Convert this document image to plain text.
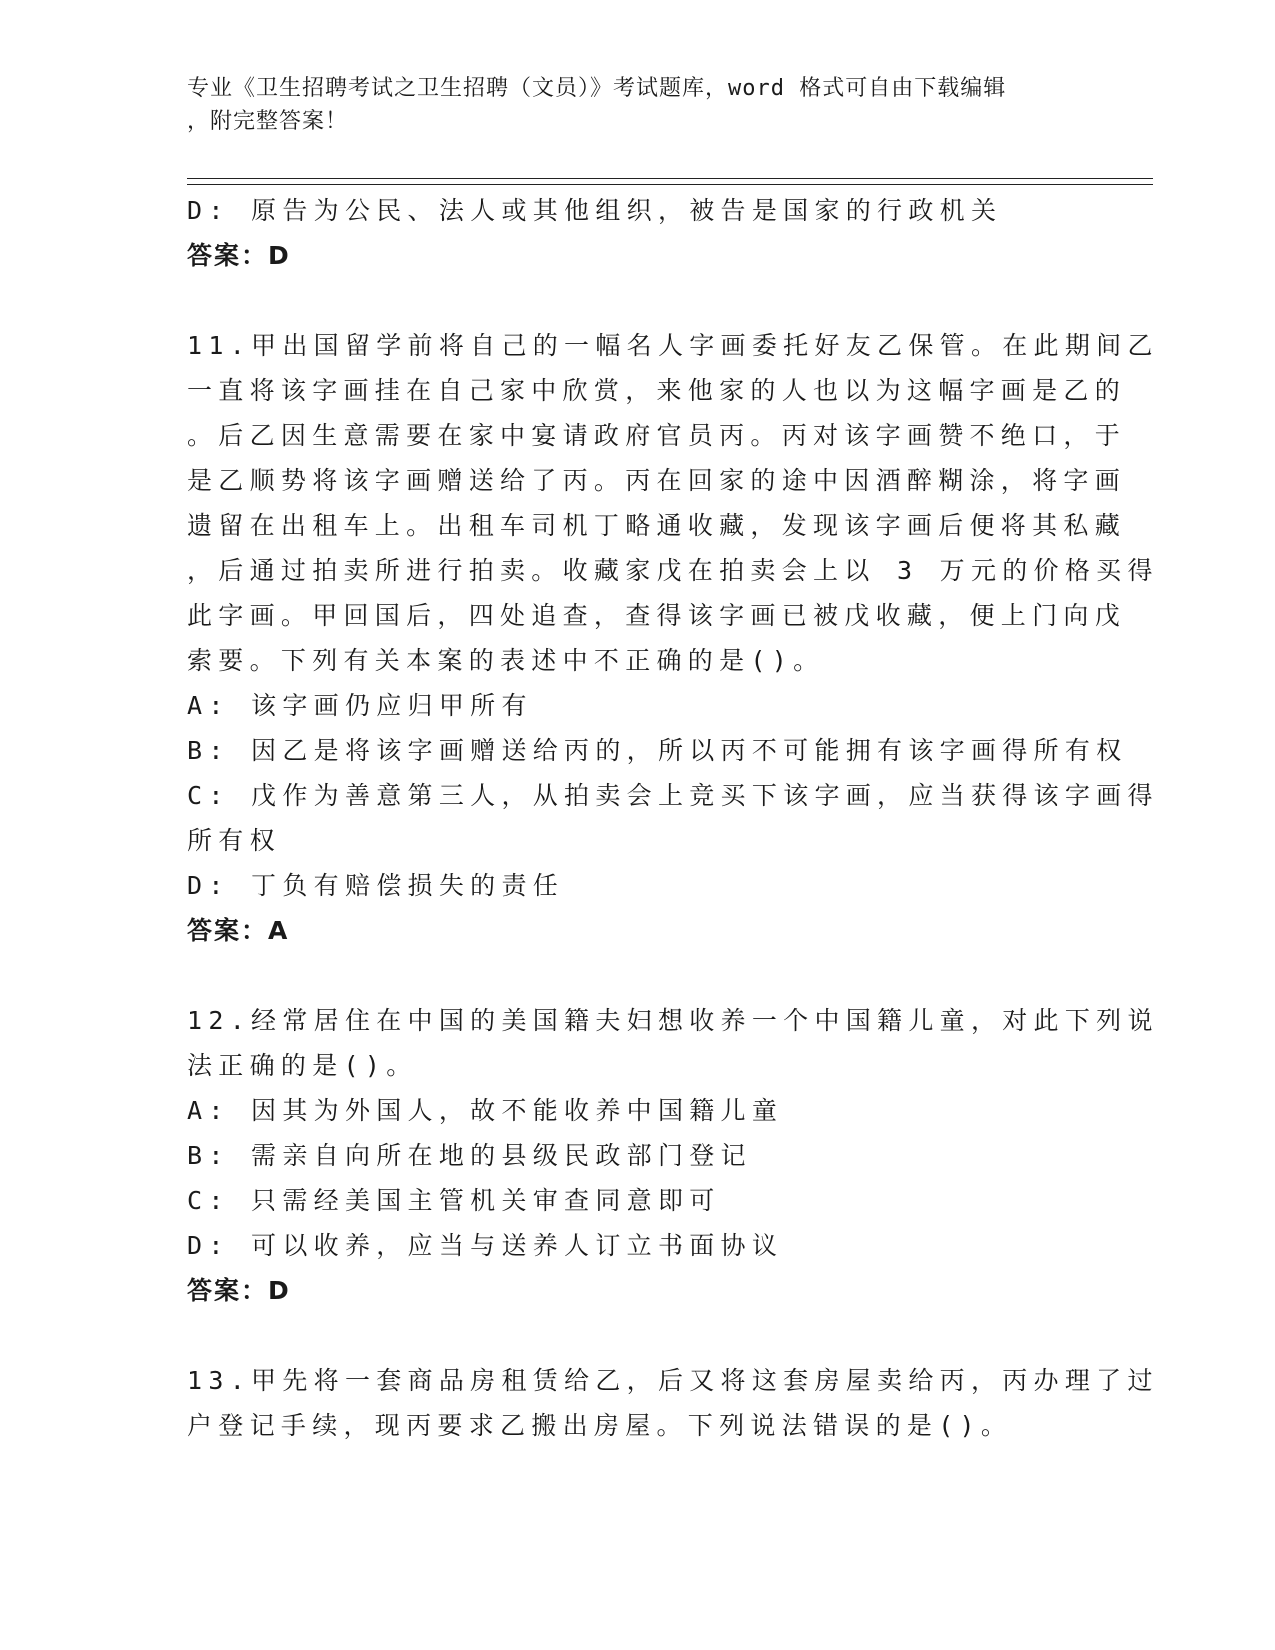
专业《卫生招聘考试之卫生招聘（文员）》考试题库，word 格式可自由下载编辑
，附完整答案！
D: 原告为公民、法人或其他组织，被告是国家的行政机关
答案：D
11.甲出国留学前将自己的一幅名人字画委托好友乙保管。在此期间乙
一直将该字画挂在自己家中欣赏，来他家的人也以为这幅字画是乙的
。后乙因生意需要在家中宴请政府官员丙。丙对该字画赞不绝口，于
是乙顺势将该字画赠送给了丙。丙在回家的途中因酒醉糊涂，将字画
遗留在出租车上。出租车司机丁略通收藏，发现该字画后便将其私藏
，后通过拍卖所进行拍卖。收藏家戊在拍卖会上以 3 万元的价格买得
此字画。甲回国后，四处追查，查得该字画已被戊收藏，便上门向戊
索要。下列有关本案的表述中不正确的是()。
A: 该字画仍应归甲所有
B: 因乙是将该字画赠送给丙的，所以丙不可能拥有该字画得所有权
C: 戊作为善意第三人，从拍卖会上竞买下该字画，应当获得该字画得
所有权
D: 丁负有赔偿损失的责任
答案：A
12.经常居住在中国的美国籍夫妇想收养一个中国籍儿童，对此下列说
法正确的是()。
A: 因其为外国人，故不能收养中国籍儿童
B: 需亲自向所在地的县级民政部门登记
C: 只需经美国主管机关审查同意即可
D: 可以收养，应当与送养人订立书面协议
答案：D
13.甲先将一套商品房租赁给乙，后又将这套房屋卖给丙，丙办理了过
户登记手续，现丙要求乙搬出房屋。下列说法错误的是()。
